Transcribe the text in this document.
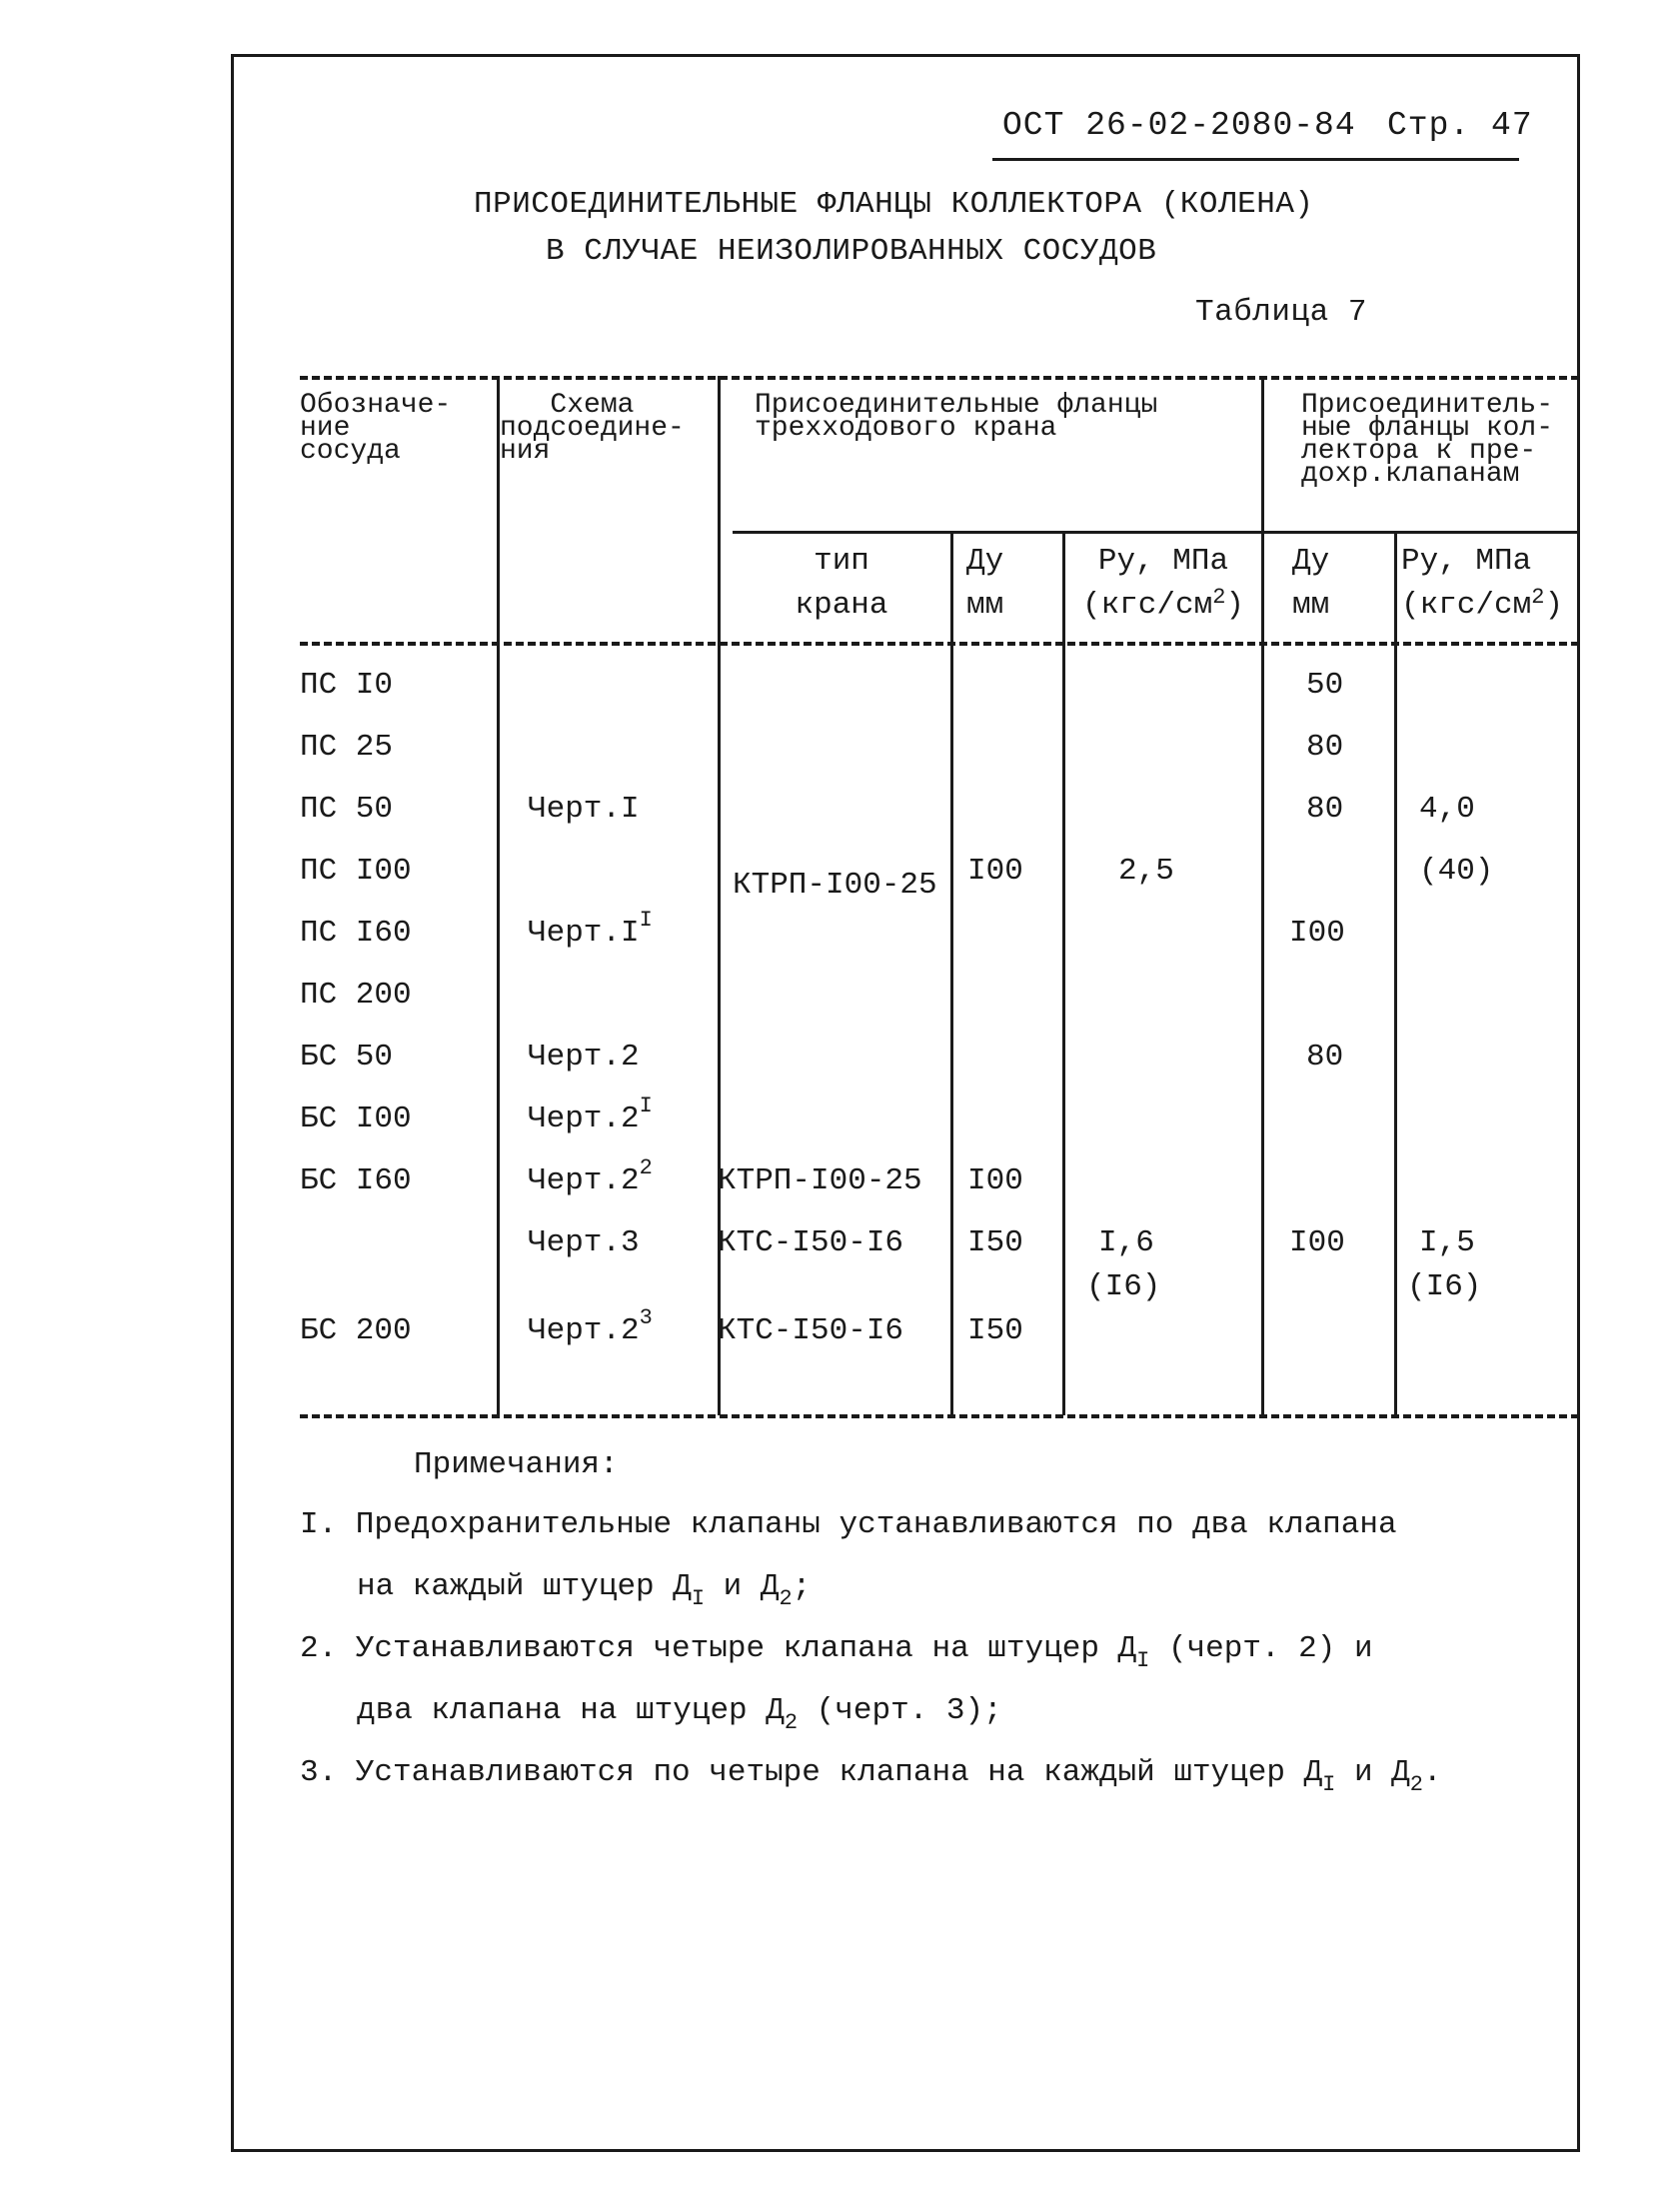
ОСТ 26-02-2080-84 Стр. 47
ПРИСОЕДИНИТЕЛЬНЫЕ ФЛАНЦЫ КОЛЛЕКТОРА (КОЛЕНА)
В СЛУЧАЕ НЕИЗОЛИРОВАННЫХ СОСУДОВ
Таблица 7
Обозначе-
ние
сосуда
Схема
подсоедине-
ния
Присоединительные фланцы
трехходового крана
Присоединитель-
ные фланцы кол-
лектора к пре-
дохр.клапанам
тип
крана
Ду
мм
Ру, МПа
$(кгс/см^2)$
Ду
мм
Ру, МПа
$(кгс/см^2)$
ПС I0
ПС 25
ПС 50
ПС I00
ПС I60
ПС 200
БС 50
БС I00
БС I60
БС 200
Черт.I
$Черт.I^I$
Черт.2
$Черт.2^I$
$Черт.2^2$
Черт.3
$Черт.2^3$
КТРП-I00-25
КТРП-I00-25
КТС-I50-I6
КТС-I50-I6
I00
I00
I50
I50
2,5
I,6
(I6)
50
80
80
I00
80
I00
4,0
(40)
I,5
(I6)
Примечания:
I. Предохранительные клапаны устанавливаются по два клапана
на каждый штуцер $Д_I$ и $Д_2$;
2. Устанавливаются четыре клапана на штуцер $Д_I$ (черт. 2) и
два клапана на штуцер $Д_2$ (черт. 3);
3. Устанавливаются по четыре клапана на каждый штуцер $Д_I$ и $Д_2$.
